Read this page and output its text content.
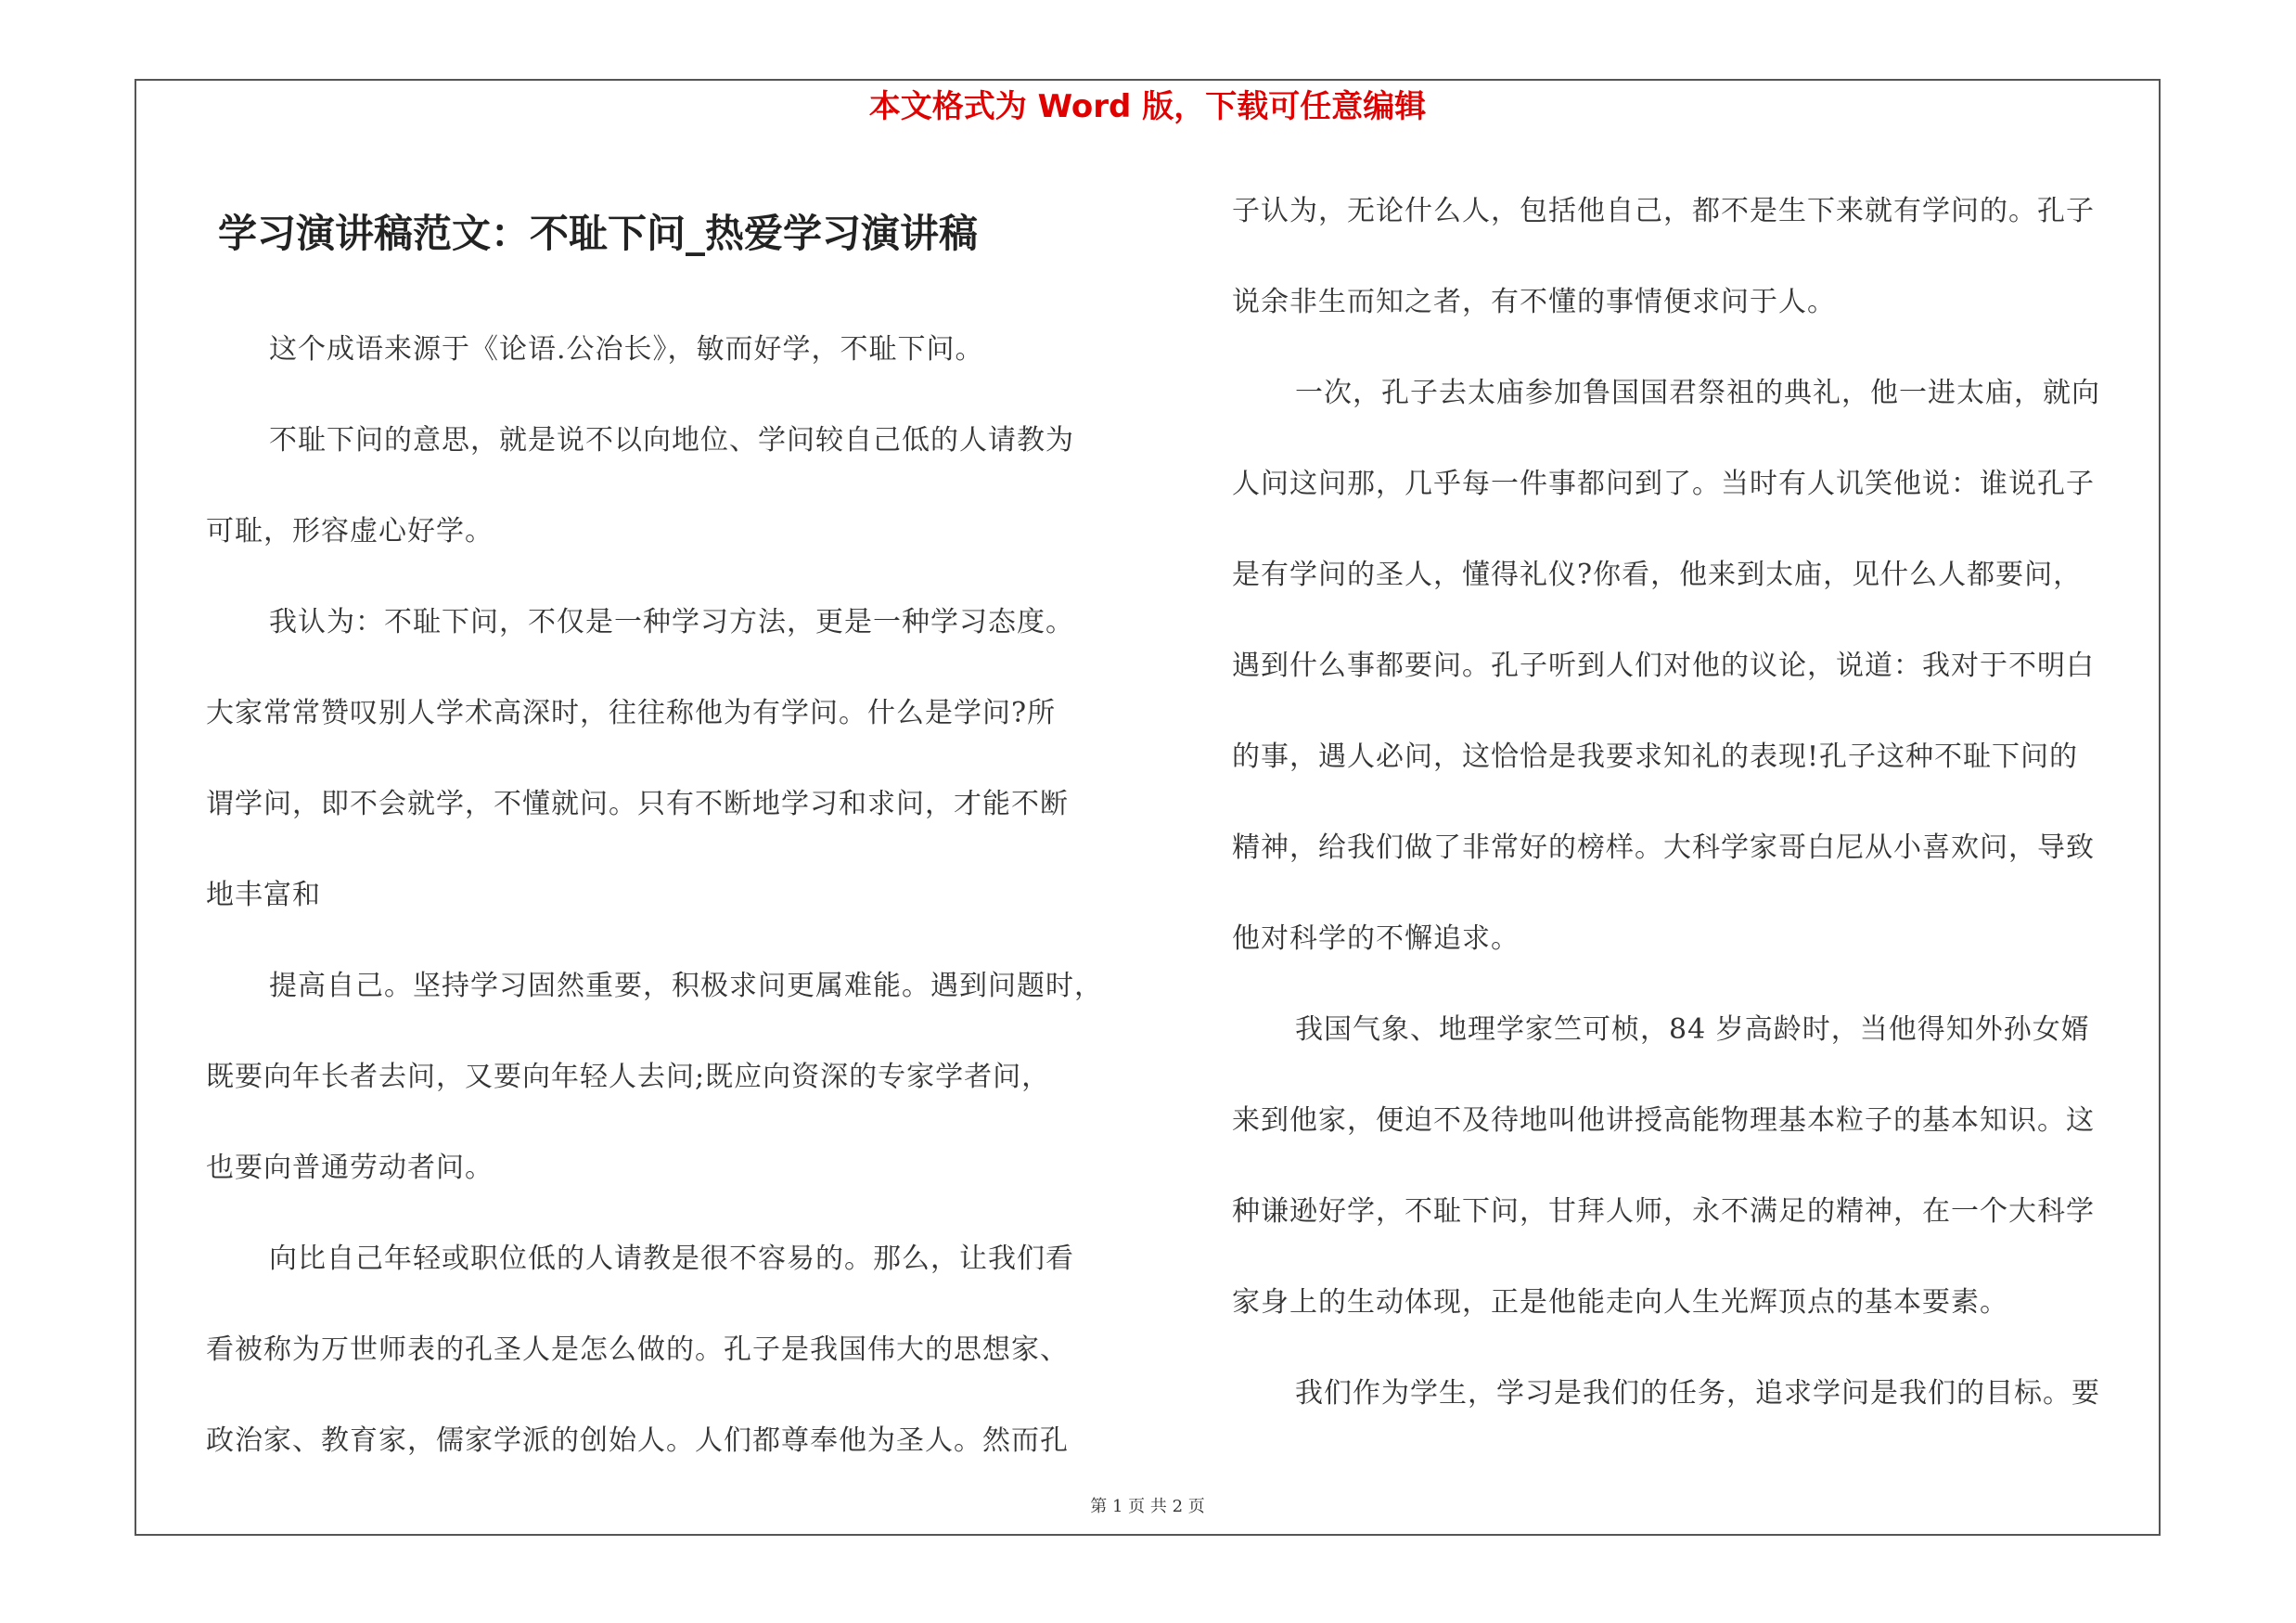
本文格式为 Word 版，下载可任意编辑
学习演讲稿范文：不耻下问_热爱学习演讲稿
这个成语来源于《论语.公冶长》，敏而好学，不耻下问。
不耻下问的意思，就是说不以向地位、学问较自己低的人请教为
可耻，形容虚心好学。
我认为：不耻下问，不仅是一种学习方法，更是一种学习态度。
大家常常赞叹别人学术高深时，往往称他为有学问。什么是学问?所
谓学问，即不会就学，不懂就问。只有不断地学习和求问，才能不断
地丰富和
提高自己。坚持学习固然重要，积极求问更属难能。遇到问题时，
既要向年长者去问，又要向年轻人去问;既应向资深的专家学者问，
也要向普通劳动者问。
向比自己年轻或职位低的人请教是很不容易的。那么，让我们看
看被称为万世师表的孔圣人是怎么做的。孔子是我国伟大的思想家、
政治家、教育家，儒家学派的创始人。人们都尊奉他为圣人。然而孔
子认为，无论什么人，包括他自己，都不是生下来就有学问的。孔子
说余非生而知之者，有不懂的事情便求问于人。
一次，孔子去太庙参加鲁国国君祭祖的典礼，他一进太庙，就向
人问这问那，几乎每一件事都问到了。当时有人讥笑他说：谁说孔子
是有学问的圣人，懂得礼仪?你看，他来到太庙，见什么人都要问，
遇到什么事都要问。孔子听到人们对他的议论，说道：我对于不明白
的事，遇人必问，这恰恰是我要求知礼的表现!孔子这种不耻下问的
精神，给我们做了非常好的榜样。大科学家哥白尼从小喜欢问，导致
他对科学的不懈追求。
我国气象、地理学家竺可桢，84 岁高龄时，当他得知外孙女婿
来到他家，便迫不及待地叫他讲授高能物理基本粒子的基本知识。这
种谦逊好学，不耻下问，甘拜人师，永不满足的精神，在一个大科学
家身上的生动体现，正是他能走向人生光辉顶点的基本要素。
我们作为学生，学习是我们的任务，追求学问是我们的目标。要
第 1 页 共 2 页
